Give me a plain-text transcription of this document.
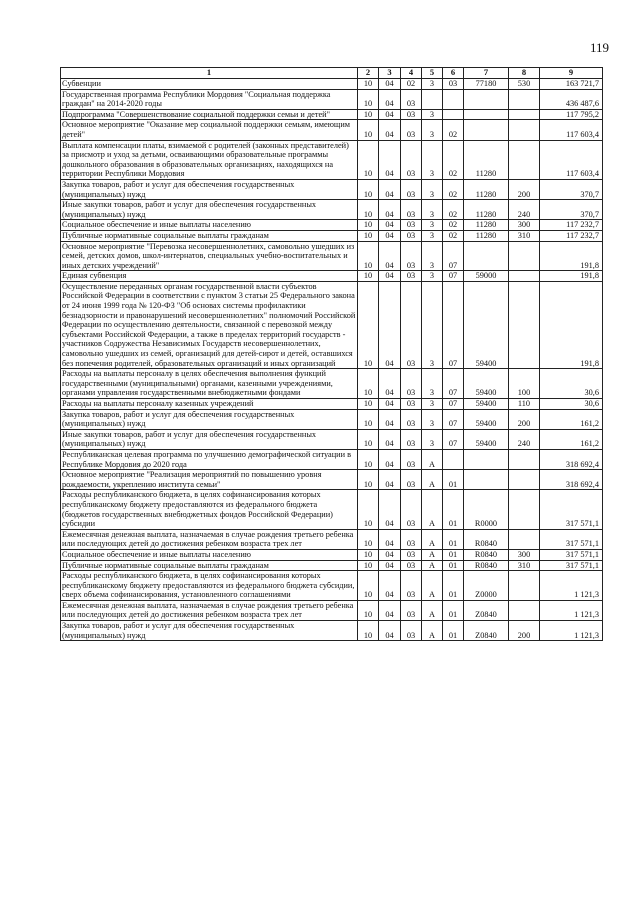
119
1	2	3	4	5	6	7	8	9
Субвенции	10	04	02	3	03	77180	530	163 721,7
Государственная программа Республики Мордовия "Социальная поддержка граждан" на 2014-2020 годы	10	04	03					436 487,6
Подпрограмма "Совершенствование социальной поддержки семьи и детей"	10	04	03	3				117 795,2
Основное мероприятие "Оказание мер социальной поддержки семьям, имеющим детей"	10	04	03	3	02			117 603,4
Выплата компенсации платы, взимаемой с родителей (законных представителей) за присмотр и уход за детьми, осваивающими образовательные программы дошкольного образования в образовательных организациях, находящихся на территории Республики Мордовия	10	04	03	3	02	11280		117 603,4
Закупка товаров, работ и услуг для обеспечения государственных (муниципальных) нужд	10	04	03	3	02	11280	200	370,7
Иные закупки товаров, работ и услуг для обеспечения государственных (муниципальных) нужд	10	04	03	3	02	11280	240	370,7
Социальное обеспечение и иные выплаты населению	10	04	03	3	02	11280	300	117 232,7
Публичные нормативные социальные выплаты гражданам	10	04	03	3	02	11280	310	117 232,7
Основное мероприятие "Перевозка несовершеннолетних, самовольно ушедших из семей, детских домов, школ-интернатов, специальных учебно-воспитательных и иных детских учреждений"	10	04	03	3	07			191,8
Единая субвенция	10	04	03	3	07	59000		191,8
Осуществление переданных органам государственной власти субъектов Российской Федерации в соответствии с пунктом 3 статьи 25 Федерального закона от 24 июня 1999 года № 120-ФЗ "Об основах системы профилактики безнадзорности и правонарушений несовершеннолетних" полномочий Российской Федерации по осуществлению деятельности, связанной с перевозкой между субъектами Российской Федерации, а также в пределах территорий государств - участников Содружества Независимых Государств несовершеннолетних, самовольно ушедших из семей, организаций для детей-сирот и детей, оставшихся без попечения родителей, образовательных организаций и иных организаций	10	04	03	3	07	59400		191,8
Расходы на выплаты персоналу в целях обеспечения выполнения функций государственными (муниципальными) органами, казенными учреждениями, органами управления государственными внебюджетными фондами	10	04	03	3	07	59400	100	30,6
Расходы на выплаты персоналу казенных учреждений	10	04	03	3	07	59400	110	30,6
Закупка товаров, работ и услуг для обеспечения государственных (муниципальных) нужд	10	04	03	3	07	59400	200	161,2
Иные закупки товаров, работ и услуг для обеспечения государственных (муниципальных) нужд	10	04	03	3	07	59400	240	161,2
Республиканская целевая программа по улучшению демографической ситуации в Республике Мордовия до 2020 года	10	04	03	А				318 692,4
Основное мероприятие "Реализация мероприятий по повышению уровня рождаемости, укреплению института семьи"	10	04	03	А	01			318 692,4
Расходы республиканского бюджета, в целях софинансирования которых республиканскому бюджету предоставляются из федерального бюджета (бюджетов государственных внебюджетных фондов Российской Федерации) субсидии	10	04	03	А	01	R0000		317 571,1
Ежемесячная денежная выплата, назначаемая в случае рождения третьего ребенка или последующих детей до достижения ребенком возраста трех лет	10	04	03	А	01	R0840		317 571,1
Социальное обеспечение и иные выплаты населению	10	04	03	А	01	R0840	300	317 571,1
Публичные нормативные социальные выплаты гражданам	10	04	03	А	01	R0840	310	317 571,1
Расходы республиканского бюджета, в целях софинансирования которых республиканскому бюджету предоставляются из федерального бюджета субсидии, сверх объема софинансирования, установленного соглашениями	10	04	03	А	01	Z0000		1 121,3
Ежемесячная денежная выплата, назначаемая в случае рождения третьего ребенка или последующих детей до достижения ребенком возраста трех лет	10	04	03	А	01	Z0840		1 121,3
Закупка товаров, работ и услуг для обеспечения государственных (муниципальных) нужд	10	04	03	А	01	Z0840	200	1 121,3
